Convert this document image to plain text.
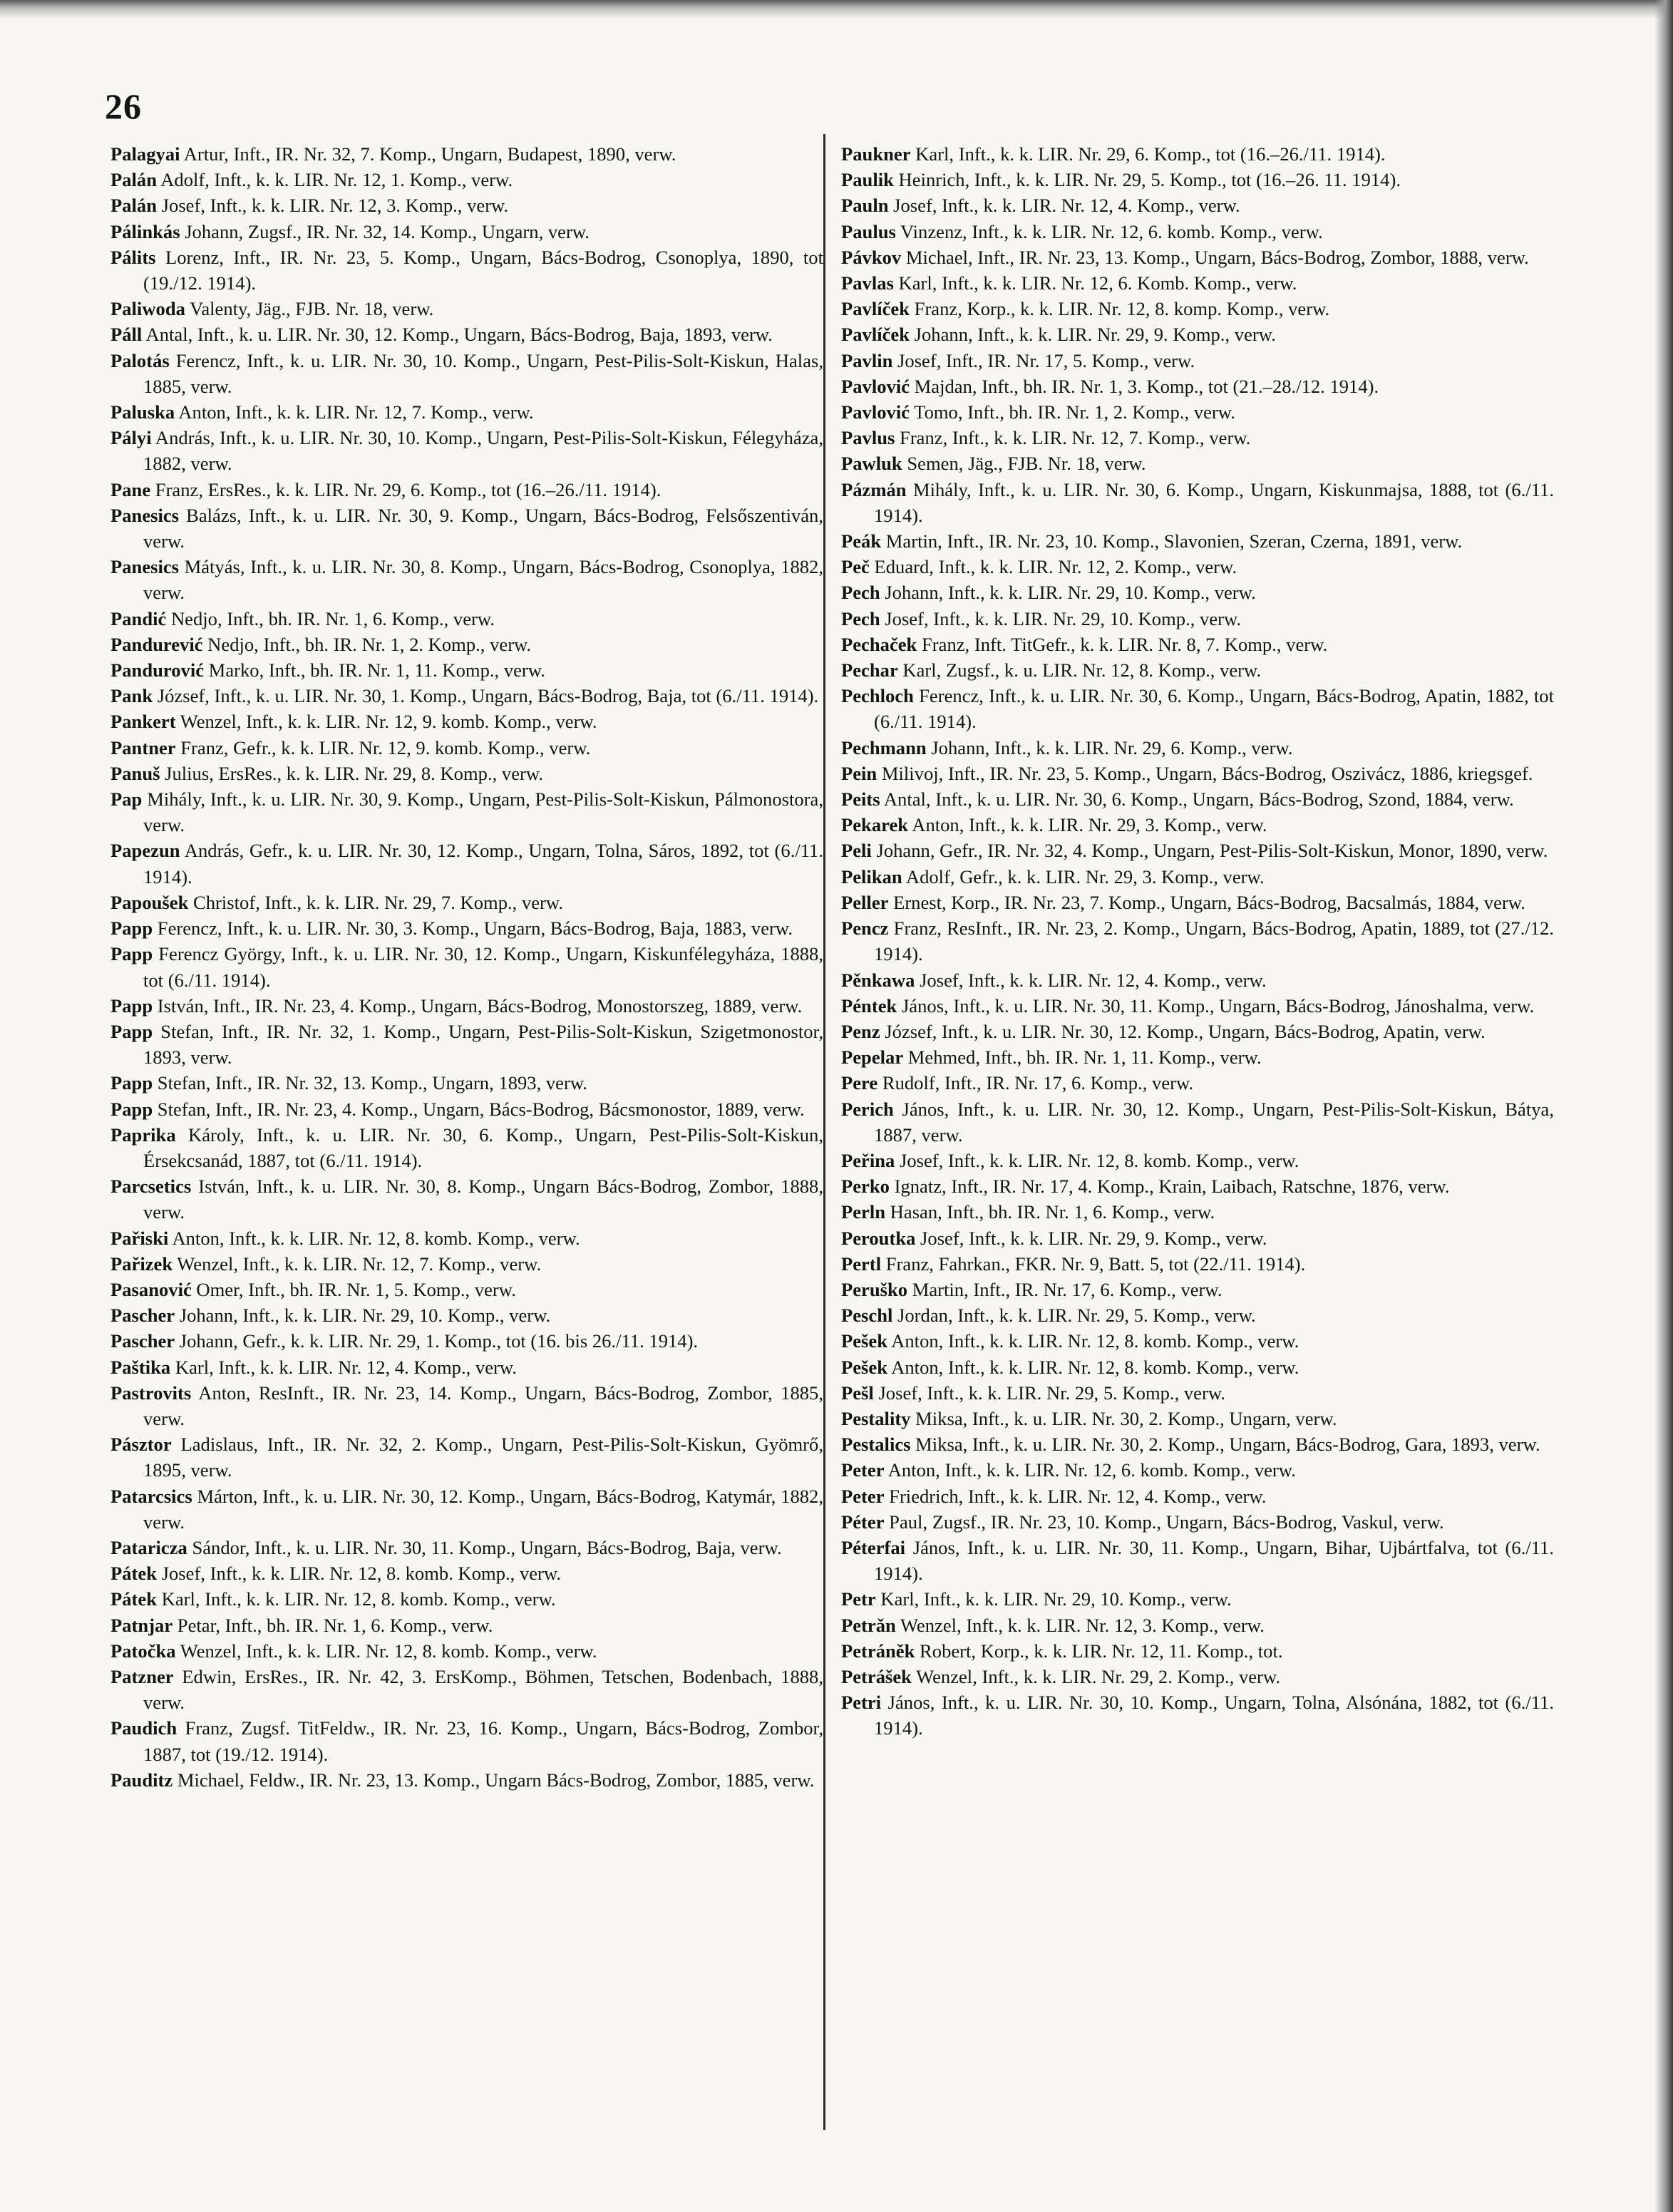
26

Palagyai Artur, Inft., IR. Nr. 32, 7. Komp., Ungarn, Budapest, 1890, verw.

Palán Adolf, Inft., k. k. LIR. Nr. 12, 1. Komp., verw.

Palán Josef, Inft., k. k. LIR. Nr. 12, 3. Komp., verw.

Pálinkás Johann, Zugsf., IR. Nr. 32, 14. Komp., Ungarn, verw.

Pálits Lorenz, Inft., IR. Nr. 23, 5. Komp., Ungarn, Bács-Bodrog, Csonoplya, 1890, tot (19./12. 1914).

Paliwoda Valenty, Jäg., FJB. Nr. 18, verw.

Páll Antal, Inft., k. u. LIR. Nr. 30, 12. Komp., Ungarn, Bács-Bodrog, Baja, 1893, verw.

Palotás Ferencz, Inft., k. u. LIR. Nr. 30, 10. Komp., Ungarn, Pest-Pilis-Solt-Kiskun, Halas, 1885, verw.

Paluska Anton, Inft., k. k. LIR. Nr. 12, 7. Komp., verw.

Pályi András, Inft., k. u. LIR. Nr. 30, 10. Komp., Ungarn, Pest-Pilis-Solt-Kiskun, Félegyháza, 1882, verw.

Pane Franz, ErsRes., k. k. LIR. Nr. 29, 6. Komp., tot (16.–26./11. 1914).

Panesics Balázs, Inft., k. u. LIR. Nr. 30, 9. Komp., Ungarn, Bács-Bodrog, Felsőszentiván, verw.

Panesics Mátyás, Inft., k. u. LIR. Nr. 30, 8. Komp., Ungarn, Bács-Bodrog, Csonoplya, 1882, verw.

Pandić Nedjo, Inft., bh. IR. Nr. 1, 6. Komp., verw.

Pandurević Nedjo, Inft., bh. IR. Nr. 1, 2. Komp., verw.

Pandurović Marko, Inft., bh. IR. Nr. 1, 11. Komp., verw.

Pank József, Inft., k. u. LIR. Nr. 30, 1. Komp., Ungarn, Bács-Bodrog, Baja, tot (6./11. 1914).

Pankert Wenzel, Inft., k. k. LIR. Nr. 12, 9. komb. Komp., verw.

Pantner Franz, Gefr., k. k. LIR. Nr. 12, 9. komb. Komp., verw.

Panuš Julius, ErsRes., k. k. LIR. Nr. 29, 8. Komp., verw.

Pap Mihály, Inft., k. u. LIR. Nr. 30, 9. Komp., Ungarn, Pest-Pilis-Solt-Kiskun, Pálmonostora, verw.

Papezun András, Gefr., k. u. LIR. Nr. 30, 12. Komp., Ungarn, Tolna, Sáros, 1892, tot (6./11. 1914).

Papoušek Christof, Inft., k. k. LIR. Nr. 29, 7. Komp., verw.

Papp Ferencz, Inft., k. u. LIR. Nr. 30, 3. Komp., Ungarn, Bács-Bodrog, Baja, 1883, verw.

Papp Ferencz György, Inft., k. u. LIR. Nr. 30, 12. Komp., Ungarn, Kiskunfélegyháza, 1888, tot (6./11. 1914).

Papp István, Inft., IR. Nr. 23, 4. Komp., Ungarn, Bács-Bodrog, Monostorszeg, 1889, verw.

Papp Stefan, Inft., IR. Nr. 32, 1. Komp., Ungarn, Pest-Pilis-Solt-Kiskun, Szigetmonostor, 1893, verw.

Papp Stefan, Inft., IR. Nr. 32, 13. Komp., Ungarn, 1893, verw.

Papp Stefan, Inft., IR. Nr. 23, 4. Komp., Ungarn, Bács-Bodrog, Bácsmonostor, 1889, verw.

Paprika Károly, Inft., k. u. LIR. Nr. 30, 6. Komp., Ungarn, Pest-Pilis-Solt-Kiskun, Érsekcsanád, 1887, tot (6./11. 1914).

Parcsetics István, Inft., k. u. LIR. Nr. 30, 8. Komp., Ungarn Bács-Bodrog, Zombor, 1888, verw.

Pařiski Anton, Inft., k. k. LIR. Nr. 12, 8. komb. Komp., verw.

Pařizek Wenzel, Inft., k. k. LIR. Nr. 12, 7. Komp., verw.

Pasanović Omer, Inft., bh. IR. Nr. 1, 5. Komp., verw.

Pascher Johann, Inft., k. k. LIR. Nr. 29, 10. Komp., verw.

Pascher Johann, Gefr., k. k. LIR. Nr. 29, 1. Komp., tot (16. bis 26./11. 1914).

Paštika Karl, Inft., k. k. LIR. Nr. 12, 4. Komp., verw.

Pastrovits Anton, ResInft., IR. Nr. 23, 14. Komp., Ungarn, Bács-Bodrog, Zombor, 1885, verw.

Pásztor Ladislaus, Inft., IR. Nr. 32, 2. Komp., Ungarn, Pest-Pilis-Solt-Kiskun, Gyömrő, 1895, verw.

Patarcsics Márton, Inft., k. u. LIR. Nr. 30, 12. Komp., Ungarn, Bács-Bodrog, Katymár, 1882, verw.

Patariczа Sándor, Inft., k. u. LIR. Nr. 30, 11. Komp., Ungarn, Bács-Bodrog, Baja, verw.

Pátek Josef, Inft., k. k. LIR. Nr. 12, 8. komb. Komp., verw.

Pátek Karl, Inft., k. k. LIR. Nr. 12, 8. komb. Komp., verw.

Patnjar Petar, Inft., bh. IR. Nr. 1, 6. Komp., verw.

Patočka Wenzel, Inft., k. k. LIR. Nr. 12, 8. komb. Komp., verw.

Patzner Edwin, ErsRes., IR. Nr. 42, 3. ErsKomp., Böhmen, Tetschen, Bodenbach, 1888, verw.

Paudich Franz, Zugsf. TitFeldw., IR. Nr. 23, 16. Komp., Ungarn, Bács-Bodrog, Zombor, 1887, tot (19./12. 1914).

Pauditz Michael, Feldw., IR. Nr. 23, 13. Komp., Ungarn Bács-Bodrog, Zombor, 1885, verw.

Paukner Karl, Inft., k. k. LIR. Nr. 29, 6. Komp., tot (16.–26./11. 1914).

Paulik Heinrich, Inft., k. k. LIR. Nr. 29, 5. Komp., tot (16.–26. 11. 1914).

Pauln Josef, Inft., k. k. LIR. Nr. 12, 4. Komp., verw.

Paulus Vinzenz, Inft., k. k. LIR. Nr. 12, 6. komb. Komp., verw.

Pávkov Michael, Inft., IR. Nr. 23, 13. Komp., Ungarn, Bács-Bodrog, Zombor, 1888, verw.

Pavlas Karl, Inft., k. k. LIR. Nr. 12, 6. Komb. Komp., verw.

Pavlíček Franz, Korp., k. k. LIR. Nr. 12, 8. komp. Komp., verw.

Pavlíček Johann, Inft., k. k. LIR. Nr. 29, 9. Komp., verw.

Pavlin Josef, Inft., IR. Nr. 17, 5. Komp., verw.

Pavlović Majdan, Inft., bh. IR. Nr. 1, 3. Komp., tot (21.–28./12. 1914).

Pavlović Tomo, Inft., bh. IR. Nr. 1, 2. Komp., verw.

Pavlus Franz, Inft., k. k. LIR. Nr. 12, 7. Komp., verw.

Pawluk Semen, Jäg., FJB. Nr. 18, verw.

Pázmán Mihály, Inft., k. u. LIR. Nr. 30, 6. Komp., Ungarn, Kiskunmajsa, 1888, tot (6./11. 1914).

Peák Martin, Inft., IR. Nr. 23, 10. Komp., Slavonien, Szeran, Czerna, 1891, verw.

Peč Eduard, Inft., k. k. LIR. Nr. 12, 2. Komp., verw.

Pech Johann, Inft., k. k. LIR. Nr. 29, 10. Komp., verw.

Pech Josef, Inft., k. k. LIR. Nr. 29, 10. Komp., verw.

Pechaček Franz, Inft. TitGefr., k. k. LIR. Nr. 8, 7. Komp., verw.

Pechar Karl, Zugsf., k. u. LIR. Nr. 12, 8. Komp., verw.

Pechloch Ferencz, Inft., k. u. LIR. Nr. 30, 6. Komp., Ungarn, Bács-Bodrog, Apatin, 1882, tot (6./11. 1914).

Pechmann Johann, Inft., k. k. LIR. Nr. 29, 6. Komp., verw.

Pein Milivoj, Inft., IR. Nr. 23, 5. Komp., Ungarn, Bács-Bodrog, Oszivácz, 1886, kriegsgef.

Peits Antal, Inft., k. u. LIR. Nr. 30, 6. Komp., Ungarn, Bács-Bodrog, Szond, 1884, verw.

Pekarek Anton, Inft., k. k. LIR. Nr. 29, 3. Komp., verw.

Peli Johann, Gefr., IR. Nr. 32, 4. Komp., Ungarn, Pest-Pilis-Solt-Kiskun, Monor, 1890, verw.

Pelikan Adolf, Gefr., k. k. LIR. Nr. 29, 3. Komp., verw.

Peller Ernest, Korp., IR. Nr. 23, 7. Komp., Ungarn, Bács-Bodrog, Bacsalmás, 1884, verw.

Pencz Franz, ResInft., IR. Nr. 23, 2. Komp., Ungarn, Bács-Bodrog, Apatin, 1889, tot (27./12. 1914).

Pěnkawa Josef, Inft., k. k. LIR. Nr. 12, 4. Komp., verw.

Péntek János, Inft., k. u. LIR. Nr. 30, 11. Komp., Ungarn, Bács-Bodrog, Jánoshalma, verw.

Penz József, Inft., k. u. LIR. Nr. 30, 12. Komp., Ungarn, Bács-Bodrog, Apatin, verw.

Pepelar Mehmed, Inft., bh. IR. Nr. 1, 11. Komp., verw.

Pere Rudolf, Inft., IR. Nr. 17, 6. Komp., verw.

Perich János, Inft., k. u. LIR. Nr. 30, 12. Komp., Ungarn, Pest-Pilis-Solt-Kiskun, Bátya, 1887, verw.

Peřina Josef, Inft., k. k. LIR. Nr. 12, 8. komb. Komp., verw.

Perko Ignatz, Inft., IR. Nr. 17, 4. Komp., Krain, Laibach, Ratschne, 1876, verw.

Perln Hasan, Inft., bh. IR. Nr. 1, 6. Komp., verw.

Peroutka Josef, Inft., k. k. LIR. Nr. 29, 9. Komp., verw.

Pertl Franz, Fahrkan., FKR. Nr. 9, Batt. 5, tot (22./11. 1914).

Peruško Martin, Inft., IR. Nr. 17, 6. Komp., verw.

Peschl Jordan, Inft., k. k. LIR. Nr. 29, 5. Komp., verw.

Pešek Anton, Inft., k. k. LIR. Nr. 12, 8. komb. Komp., verw.

Pešek Anton, Inft., k. k. LIR. Nr. 12, 8. komb. Komp., verw.

Pešl Josef, Inft., k. k. LIR. Nr. 29, 5. Komp., verw.

Pestality Miksa, Inft., k. u. LIR. Nr. 30, 2. Komp., Ungarn, verw.

Pestalics Miksa, Inft., k. u. LIR. Nr. 30, 2. Komp., Ungarn, Bács-Bodrog, Gara, 1893, verw.

Peter Anton, Inft., k. k. LIR. Nr. 12, 6. komb. Komp., verw.

Peter Friedrich, Inft., k. k. LIR. Nr. 12, 4. Komp., verw.

Péter Paul, Zugsf., IR. Nr. 23, 10. Komp., Ungarn, Bács-Bodrog, Vaskul, verw.

Péterfai János, Inft., k. u. LIR. Nr. 30, 11. Komp., Ungarn, Bihar, Ujbártfalva, tot (6./11. 1914).

Petr Karl, Inft., k. k. LIR. Nr. 29, 10. Komp., verw.

Petrǎn Wenzel, Inft., k. k. LIR. Nr. 12, 3. Komp., verw.

Petráněk Robert, Korp., k. k. LIR. Nr. 12, 11. Komp., tot.

Petrášek Wenzel, Inft., k. k. LIR. Nr. 29, 2. Komp., verw.

Petri János, Inft., k. u. LIR. Nr. 30, 10. Komp., Ungarn, Tolna, Alsónána, 1882, tot (6./11. 1914).
